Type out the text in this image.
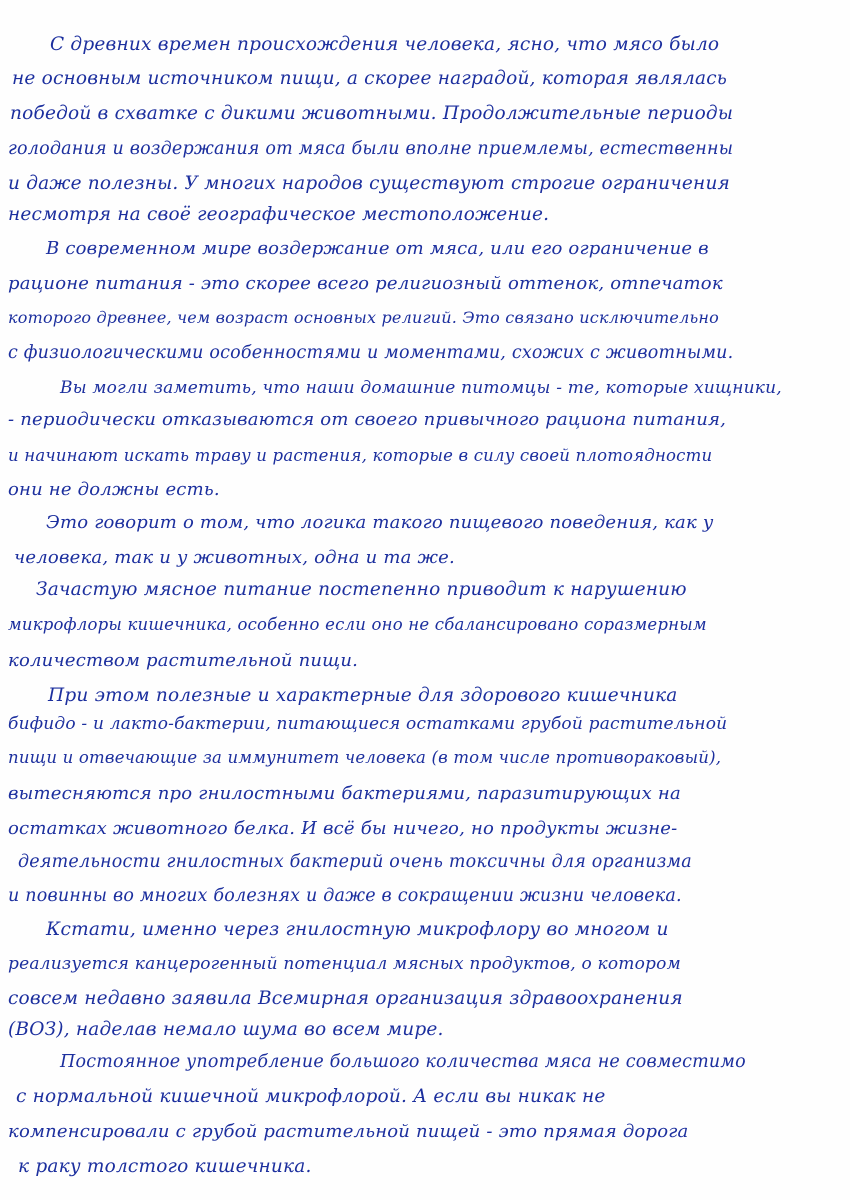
С древних времен происхождения человека, ясно, что мясо было
не основным источником пищи, а скорее наградой, которая являлась
победой в схватке с дикими животными. Продолжительные периоды
голодания и воздержания от мяса были вполне приемлемы, естественны
и даже полезны. У многих народов существуют строгие ограничения
несмотря на своё географическое местоположение.
В современном мире воздержание от мяса, или его ограничение в
рационе питания - это скорее всего религиозный оттенок, отпечаток
которого древнее, чем возраст основных религий. Это связано исключительно
с физиологическими особенностями и моментами, схожих с животными.
Вы могли заметить, что наши домашние питомцы - те, которые хищники,
- периодически отказываются от своего привычного рациона питания,
и начинают искать траву и растения, которые в силу своей плотоядности
они не должны есть.
Это говорит о том, что логика такого пищевого поведения, как у
человека, так и у животных, одна и та же.
Зачастую мясное питание постепенно приводит к нарушению
микрофлоры кишечника, особенно если оно не сбалансировано соразмерным
количеством растительной пищи.
При этом полезные и характерные для здорового кишечника
бифидо - и лакто-бактерии, питающиеся остатками грубой растительной
пищи и отвечающие за иммунитет человека (в том числе противораковый),
вытесняются про гнилостными бактериями, паразитирующих на
остатках животного белка. И всё бы ничего, но продукты жизне-
деятельности гнилостных бактерий очень токсичны для организма
и повинны во многих болезнях и даже в сокращении жизни человека.
Кстати, именно через гнилостную микрофлору во многом и
реализуется канцерогенный потенциал мясных продуктов, о котором
совсем недавно заявила Всемирная организация здравоохранения
(ВОЗ), наделав немало шума во всем мире.
Постоянное употребление большого количества мяса не совместимо
с нормальной кишечной микрофлорой. А если вы никак не
компенсировали с грубой растительной пищей - это прямая дорога
к раку толстого кишечника.
